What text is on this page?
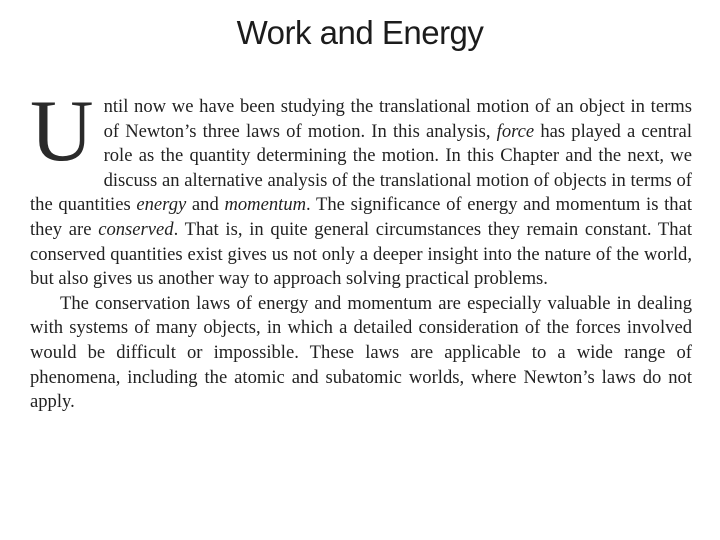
Work and Energy

Until now we have been studying the translational motion of an object in terms of Newton’s three laws of motion. In this analysis, force has played a central role as the quantity determining the motion. In this Chapter and the next, we discuss an alternative analysis of the translational motion of objects in terms of the quantities energy and momentum. The significance of energy and momentum is that they are conserved. That is, in quite general circumstances they remain constant. That conserved quantities exist gives us not only a deeper insight into the nature of the world, but also gives us another way to approach solving practical problems.

The conservation laws of energy and momentum are especially valuable in dealing with systems of many objects, in which a detailed consideration of the forces involved would be difficult or impossible. These laws are applicable to a wide range of phenomena, including the atomic and subatomic worlds, where Newton’s laws do not apply.
